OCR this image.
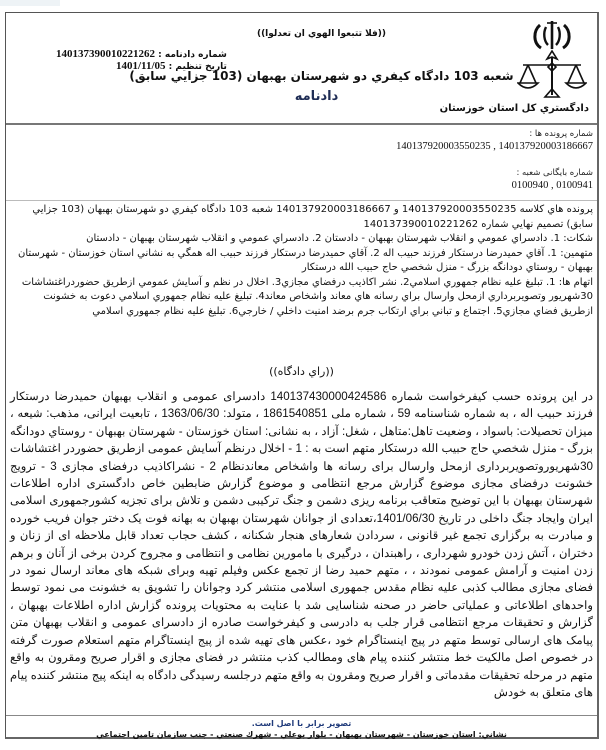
دادگستري كل استان خوزستان
((فلا تتبعوا الهوي ان تعدلوا))
شماره دادنامه : 140137390010221262
تاريخ تنظيم : 1401/11/05
شعبه 103 دادگاه كيفري دو شهرستان بهبهان (103 جزايي سابق)
دادنامه
شماره پرونده ها :
140137920003186667 , 140137920003550235
شماره بایگانی شعبه :
0100941 , 0100940
پرونده هاي كلاسه 140137920003550235 و 140137920003186667 شعبه 103 دادگاه كيفري دو شهرستان بهبهان (103 جزايي سابق) تصميم نهايي شماره 140137390010221262
شكات: 1. دادسراي عمومي و انقلاب شهرستان بهبهان - دادستان 2. دادسراي عمومي و انقلاب شهرستان بهبهان - دادستان
متهمين: 1. آقاي حميدرضا درستكار فرزند حبيب اله 2. آقاي حميدرضا درستكار فرزند حبيب اله همگي به نشاني استان خوزستان - شهرستان بهبهان - روستاي دودانگه بزرگ - منزل شخصي حاج حبيب الله درستكار
اتهام ها: 1. تبليغ عليه نظام جمهوري اسلامي2. نشر اكاذيب درفضاي مجازي3. اخلال در نظم و آسايش عمومي ازطريق حضوردراغتشاشات 30شهريور وتصويربرداري ازمحل وارسال براي رسانه هاي معاند واشخاص معاند4. تبليغ عليه نظام جمهوري اسلامي دعوت به خشونت ازطريق فضاي مجازي5. اجتماع و تباني براي ارتكاب جرم برضد امنيت داخلي / خارجي6. تبليغ عليه نظام جمهوري اسلامي
((راي دادگاه))
در این پرونده حسب کیفرخواست شماره 140137430000424586 دادسرای عمومی و انقلاب بهبهان حمیدرضا درستکار فرزند حبیب اله ، به شماره شناسنامه 59 ، شماره ملی 1861540851 ، متولد: 1363/06/30 ، تابعیت ایرانی، مذهب: شیعه ، میزان تحصیلات: باسواد ، وضعیت تاهل:متاهل ، شغل: آزاد ، به نشانی: استان خوزستان - شهرستان بهبهان - روستاي دودانگه بزرگ - منزل شخصي حاج حبيب الله درستكار متهم است به : 1 - اخلال درنظم آسایش عمومی ازطریق حضوردر اغتشاشات 30شهریوروتصویربرداری ازمحل وارسال برای رسانه ها واشخاص معاندنظام 2 - نشراکاذیب درفضای مجازی 3 - ترویج خشونت درفضای مجازی موضوع گزارش مرجع انتظامی و موضوع گزارش ضابطین خاص دادگستری اداره اطلاعات شهرستان بهبهان با این توضیح متعاقب برنامه ریزی دشمن و جنگ ترکیبی دشمن و تلاش برای تجزیه کشورجمهوری اسلامی ایران وایجاد جنگ داخلی در تاریخ 1401/06/30،تعدادی از جوانان شهرستان بهبهان به بهانه فوت یک دختر جوان فریب خورده و مبادرت به برگزاری تجمع غیر قانونی ، سردادن شعارهای هنجار شکنانه ، کشف حجاب تعداد قابل ملاحظه ای از زنان و دختران ، آتش زدن خودرو شهرداری ، راهبندان ، درگیری با مامورین نظامی و انتظامی و مجروح کردن برخی از آنان و برهم زدن امنیت و آرامش عمومی نمودند ، ، متهم حمید رضا از تجمع عکس وفیلم تهیه وبرای شبکه های معاند ارسال نمود در فضای مجازی مطالب کذبی علیه نظام مقدس جمهوری اسلامی منتشر کرد وجوانان را تشویق به خشونت می نمود توسط واحدهای اطلاعاتی و عملیاتی حاضر در صحنه شناسایی شد با عنایت به محتویات پرونده گزارش اداره اطلاعات بهبهان ، گزارش و تحقیقات مرجع انتظامی قرار جلب به دادرسی و کیفرخواست صادره از دادسرای عمومی و انقلاب بهبهان متن پیامک های ارسالی توسط متهم در پیج اینستاگرام خود ،عکس های تهیه شده از پیج اینستاگرام متهم استعلام صورت گرفته در خصوص اصل مالکیت خط منتشر کننده پیام های ومطالب کذب منتشر در فضای مجازی و اقرار صریح ومقرون به واقع متهم در مرحله تحقیقات مقدماتی و اقرار صریح ومقرون به واقع متهم درجلسه رسیدگی دادگاه به اینکه پیج منتشر کننده پیام های متعلق به خودش
تصوير برابر با اصل است.
نشاني: استان خوزستان - شهرستان بهبهان - بلوار بوعلي - شهرك صنعتي - جنب سازمان تامين اجتماعي
